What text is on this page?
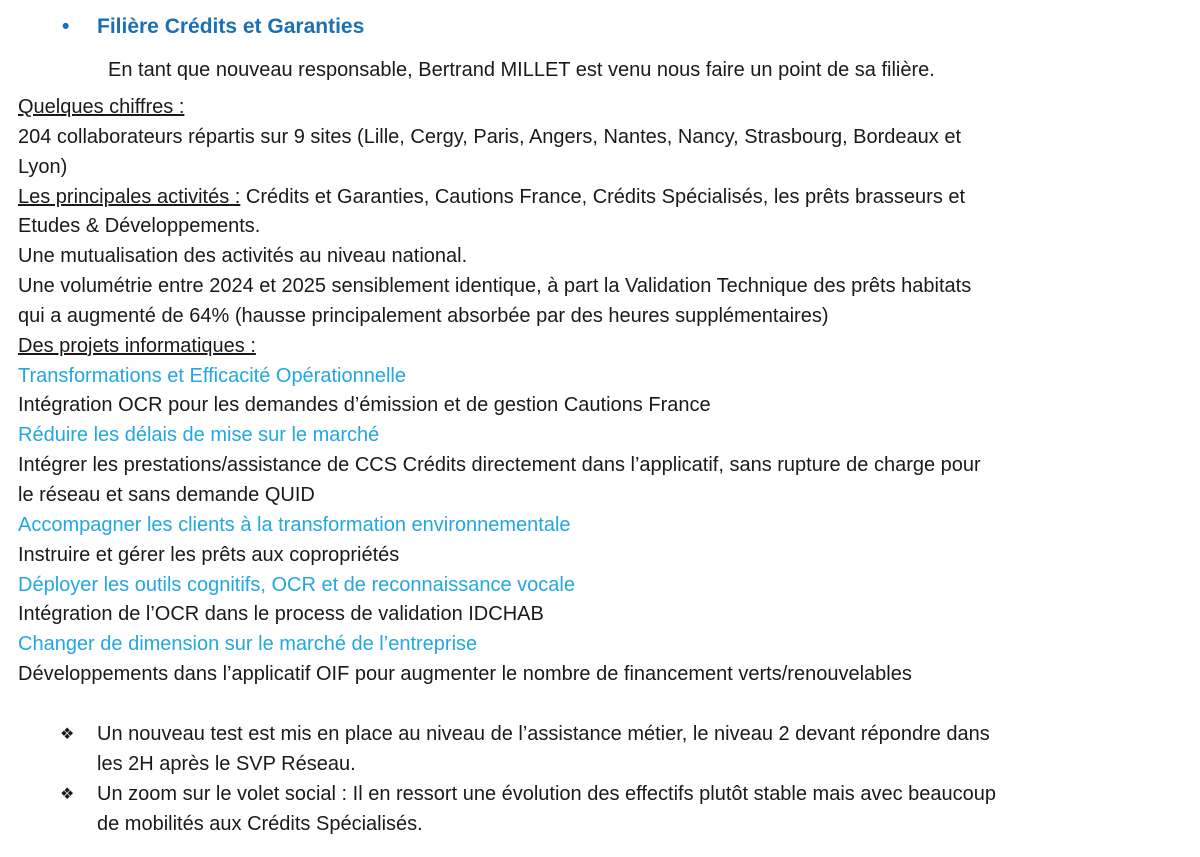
• Filière Crédits et Garanties
En tant que nouveau responsable, Bertrand MILLET est venu nous faire un point de sa filière.
Quelques chiffres :
204 collaborateurs répartis sur 9 sites (Lille, Cergy, Paris, Angers, Nantes, Nancy, Strasbourg, Bordeaux et
Lyon)
Les principales activités : Crédits et Garanties, Cautions France, Crédits Spécialisés, les prêts brasseurs et
Etudes & Développements.
Une mutualisation des activités au niveau national.
Une volumétrie entre 2024 et 2025 sensiblement identique, à part la Validation Technique des prêts habitats
qui a augmenté de 64% (hausse principalement absorbée par des heures supplémentaires)
Des projets informatiques :
Transformations et Efficacité Opérationnelle
Intégration OCR pour les demandes d’émission et de gestion Cautions France
Réduire les délais de mise sur le marché
Intégrer les prestations/assistance de CCS Crédits directement dans l’applicatif, sans rupture de charge pour
le réseau et sans demande QUID
Accompagner les clients à la transformation environnementale
Instruire et gérer les prêts aux copropriétés
Déployer les outils cognitifs, OCR et de reconnaissance vocale
Intégration de l’OCR dans le process de validation IDCHAB
Changer de dimension sur le marché de l’entreprise
Développements dans l’applicatif OIF pour augmenter le nombre de financement verts/renouvelables
❖ Un nouveau test est mis en place au niveau de l’assistance métier, le niveau 2 devant répondre dans
les 2H après le SVP Réseau.
❖ Un zoom sur le volet social : Il en ressort une évolution des effectifs plutôt stable mais avec beaucoup
de mobilités aux Crédits Spécialisés.
